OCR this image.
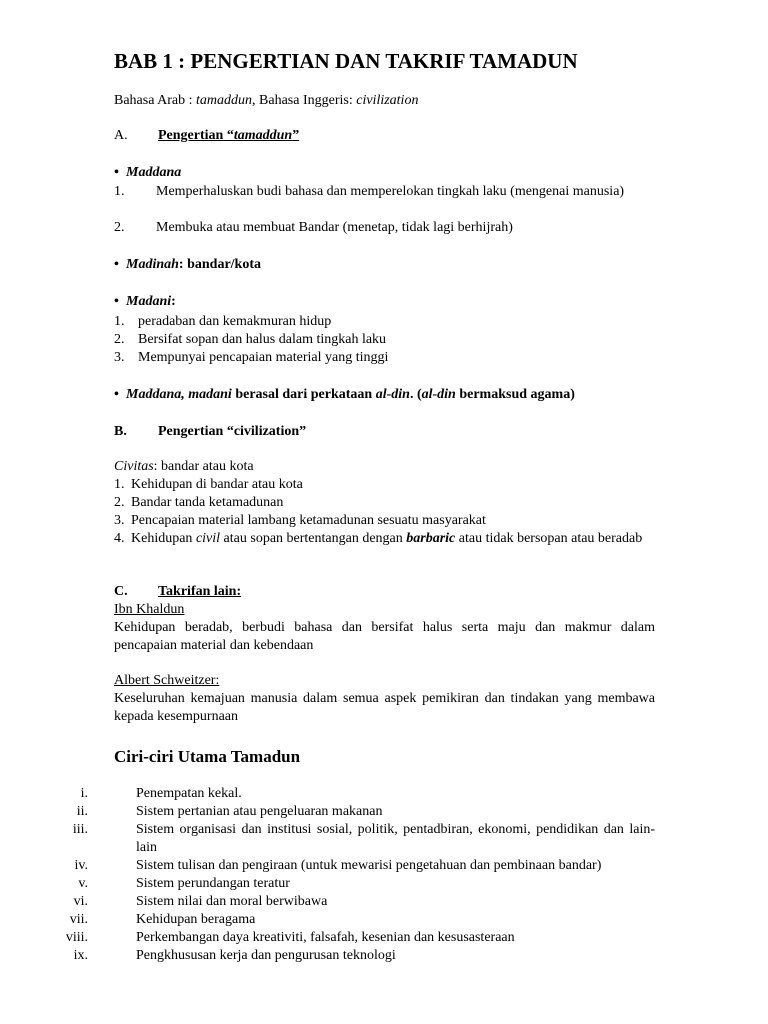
BAB 1 : PENGERTIAN DAN TAKRIF TAMADUN
Bahasa Arab : tamaddun, Bahasa Inggeris: civilization
A. Pengertian “tamaddun”
• Maddana
1. Memperhaluskan budi bahasa dan memperelokan tingkah laku (mengenai manusia)
2. Membuka atau membuat Bandar (menetap, tidak lagi berhijrah)
• Madinah: bandar/kota
• Madani:
1. peradaban dan kemakmuran hidup
2. Bersifat sopan dan halus dalam tingkah laku
3. Mempunyai pencapaian material yang tinggi
• Maddana, madani berasal dari perkataan al-din. (al-din bermaksud agama)
B. Pengertian “civilization”
Civitas: bandar atau kota
1. Kehidupan di bandar atau kota
2. Bandar tanda ketamadunan
3. Pencapaian material lambang ketamadunan sesuatu masyarakat
4. Kehidupan civil atau sopan bertentangan dengan barbaric atau tidak bersopan atau beradab
C. Takrifan lain:
Ibn Khaldun
Kehidupan beradab, berbudi bahasa dan bersifat halus serta maju dan makmur dalam pencapaian material dan kebendaan
Albert Schweitzer:
Keseluruhan kemajuan manusia dalam semua aspek pemikiran dan tindakan yang membawa kepada kesempurnaan
Ciri-ciri Utama Tamadun
i.	Penempatan kekal.
ii.	Sistem pertanian atau pengeluaran makanan
iii.	Sistem organisasi dan institusi sosial, politik, pentadbiran, ekonomi, pendidikan dan lain-lain
iv.	Sistem tulisan dan pengiraan (untuk mewarisi pengetahuan dan pembinaan bandar)
v.	Sistem perundangan teratur
vi.	Sistem nilai dan moral berwibawa
vii.	Kehidupan beragama
viii.	Perkembangan daya kreativiti, falsafah, kesenian dan kesusasteraan
ix.	Pengkhususan kerja dan pengurusan teknologi
